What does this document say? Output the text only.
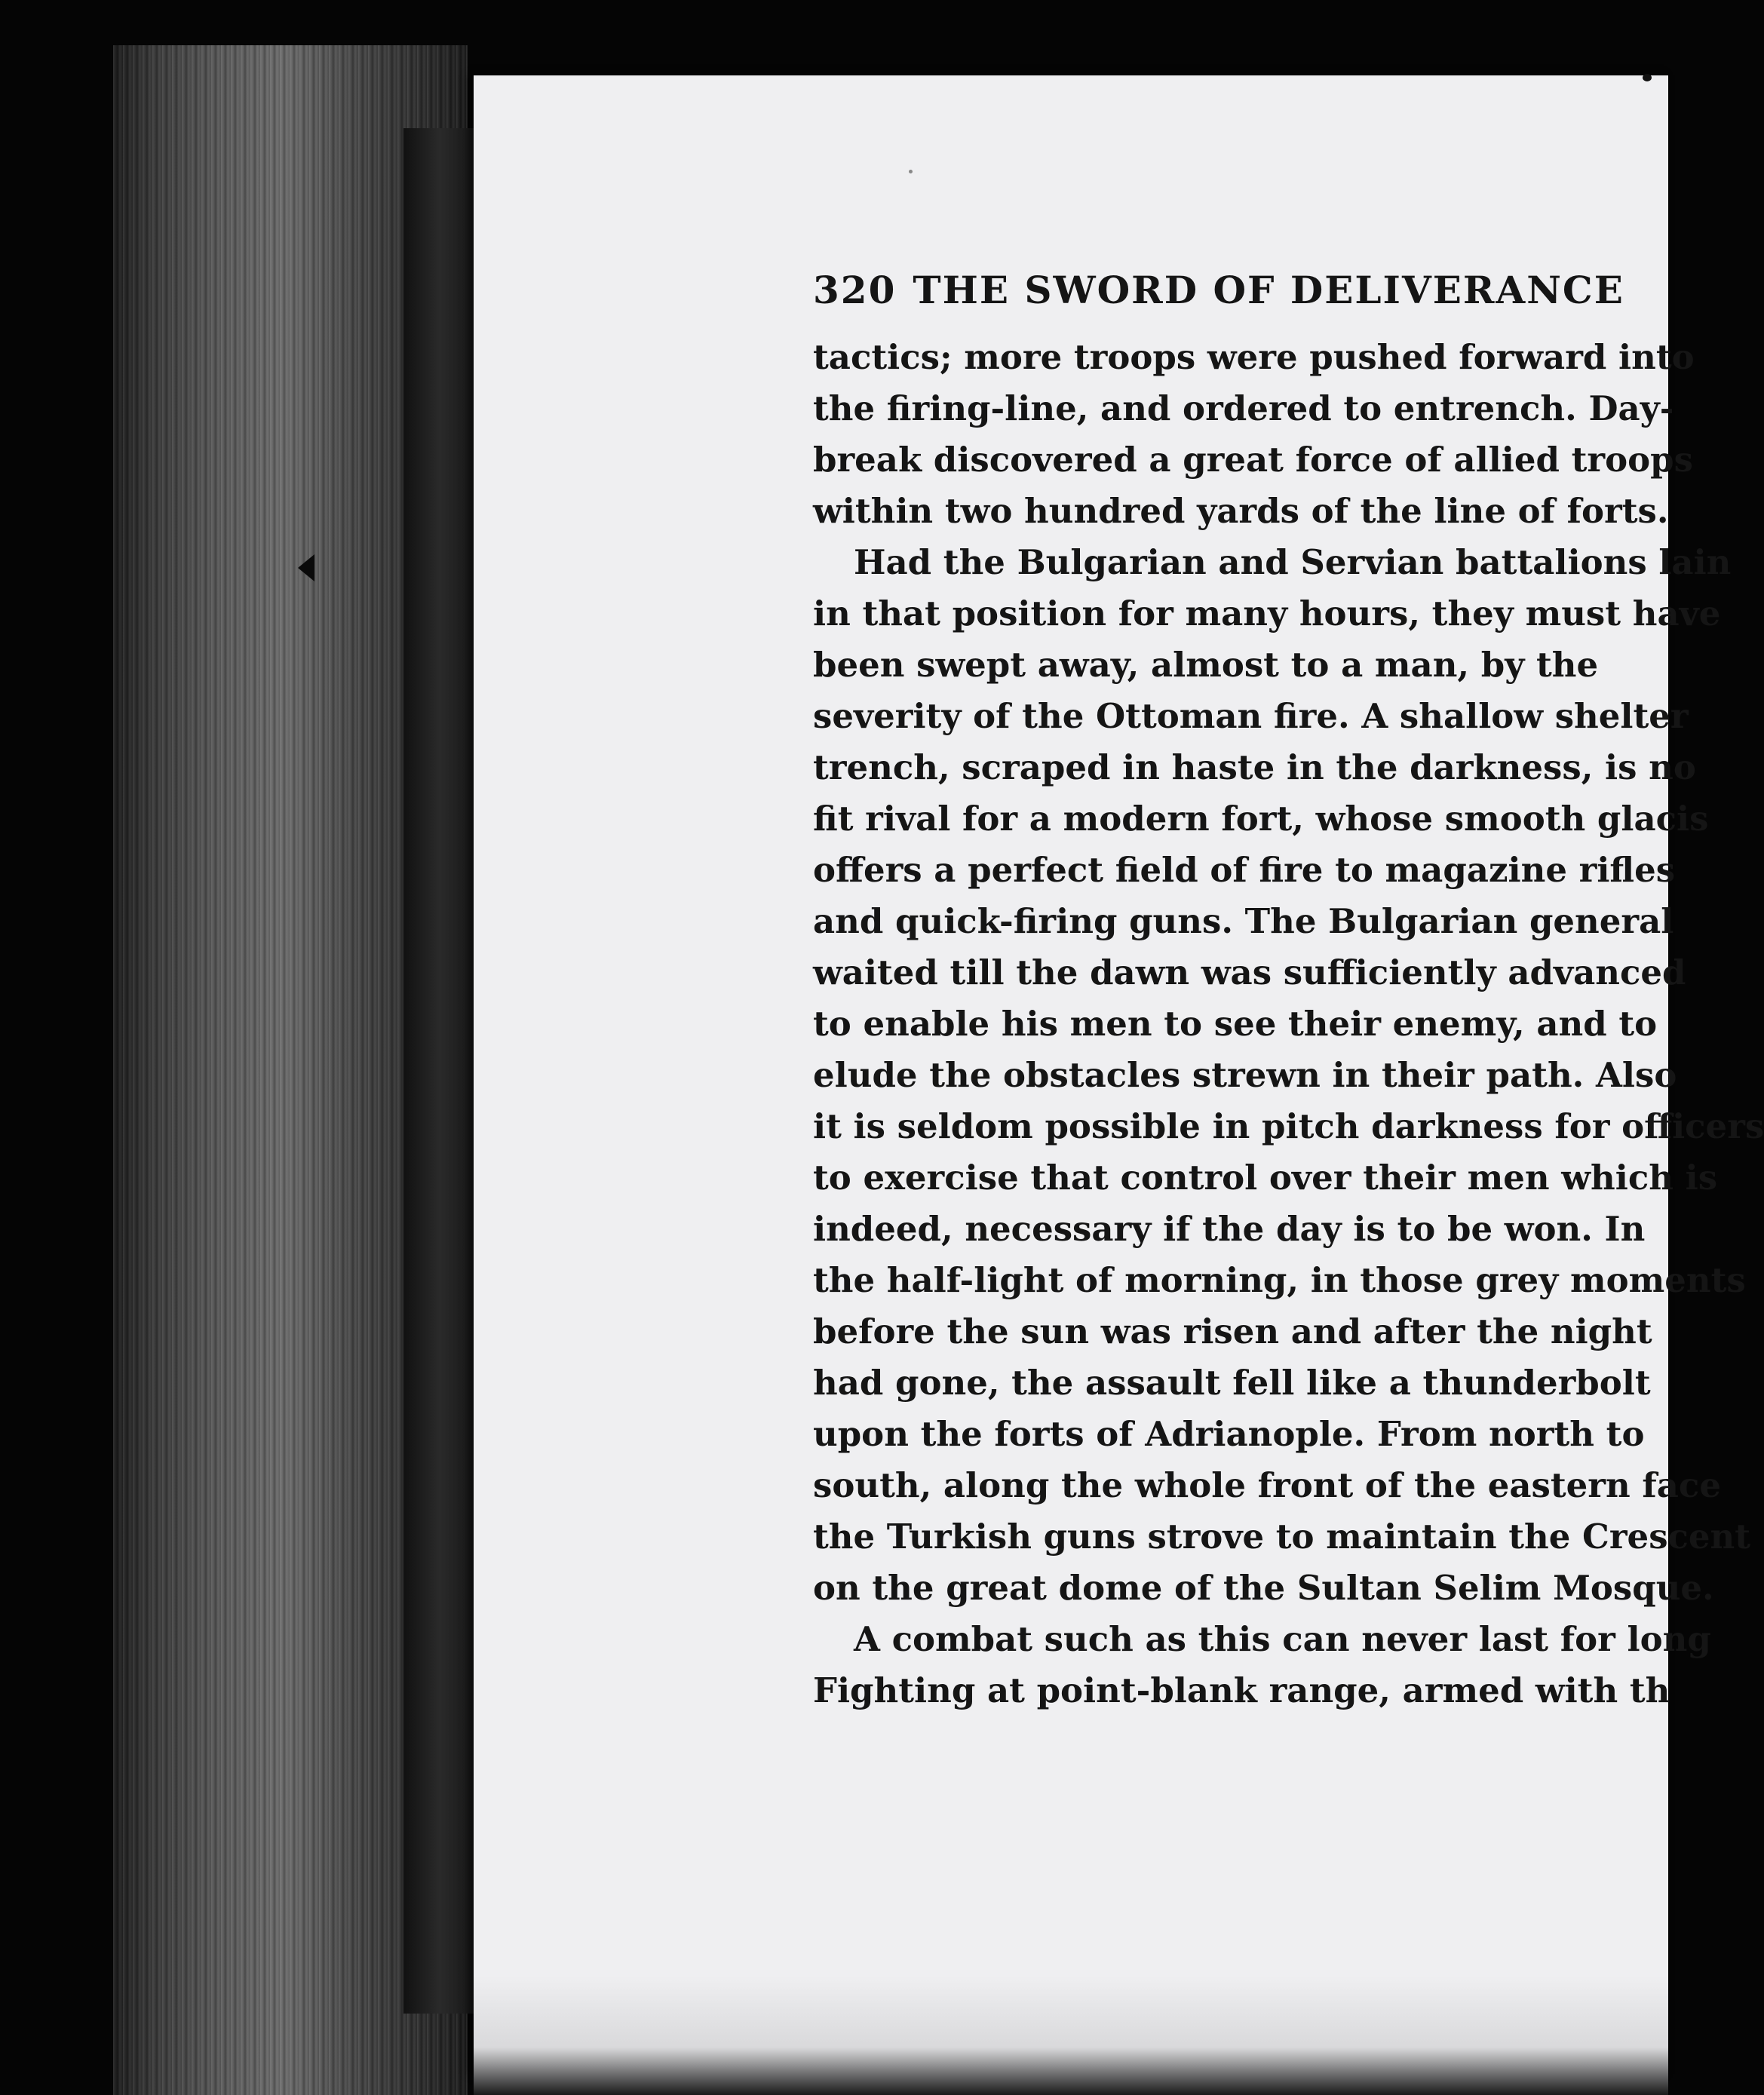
320 THE SWORD OF DELIVERANCE

tactics; more troops were pushed forward into

the firing-line, and ordered to entrench. Day-

break discovered a great force of allied troops

within two hundred yards of the line of forts.

Had the Bulgarian and Servian battalions lain

in that position for many hours, they must have

been swept away, almost to a man, by the

severity of the Ottoman fire. A shallow shelter

trench, scraped in haste in the darkness, is no

fit rival for a modern fort, whose smooth glacis

offers a perfect field of fire to magazine rifles

and quick-firing guns. The Bulgarian general

waited till the dawn was sufficiently advanced

to enable his men to see their enemy, and to

elude the obstacles strewn in their path. Also

it is seldom possible in pitch darkness for officers

to exercise that control over their men which is

indeed, necessary if the day is to be won. In

the half-light of morning, in those grey moments

before the sun was risen and after the night

had gone, the assault fell like a thunderbolt

upon the forts of Adrianople. From north to

south, along the whole front of the eastern face

the Turkish guns strove to maintain the Crescent

on the great dome of the Sultan Selim Mosque.

A combat such as this can never last for long

Fighting at point-blank range, armed with th
